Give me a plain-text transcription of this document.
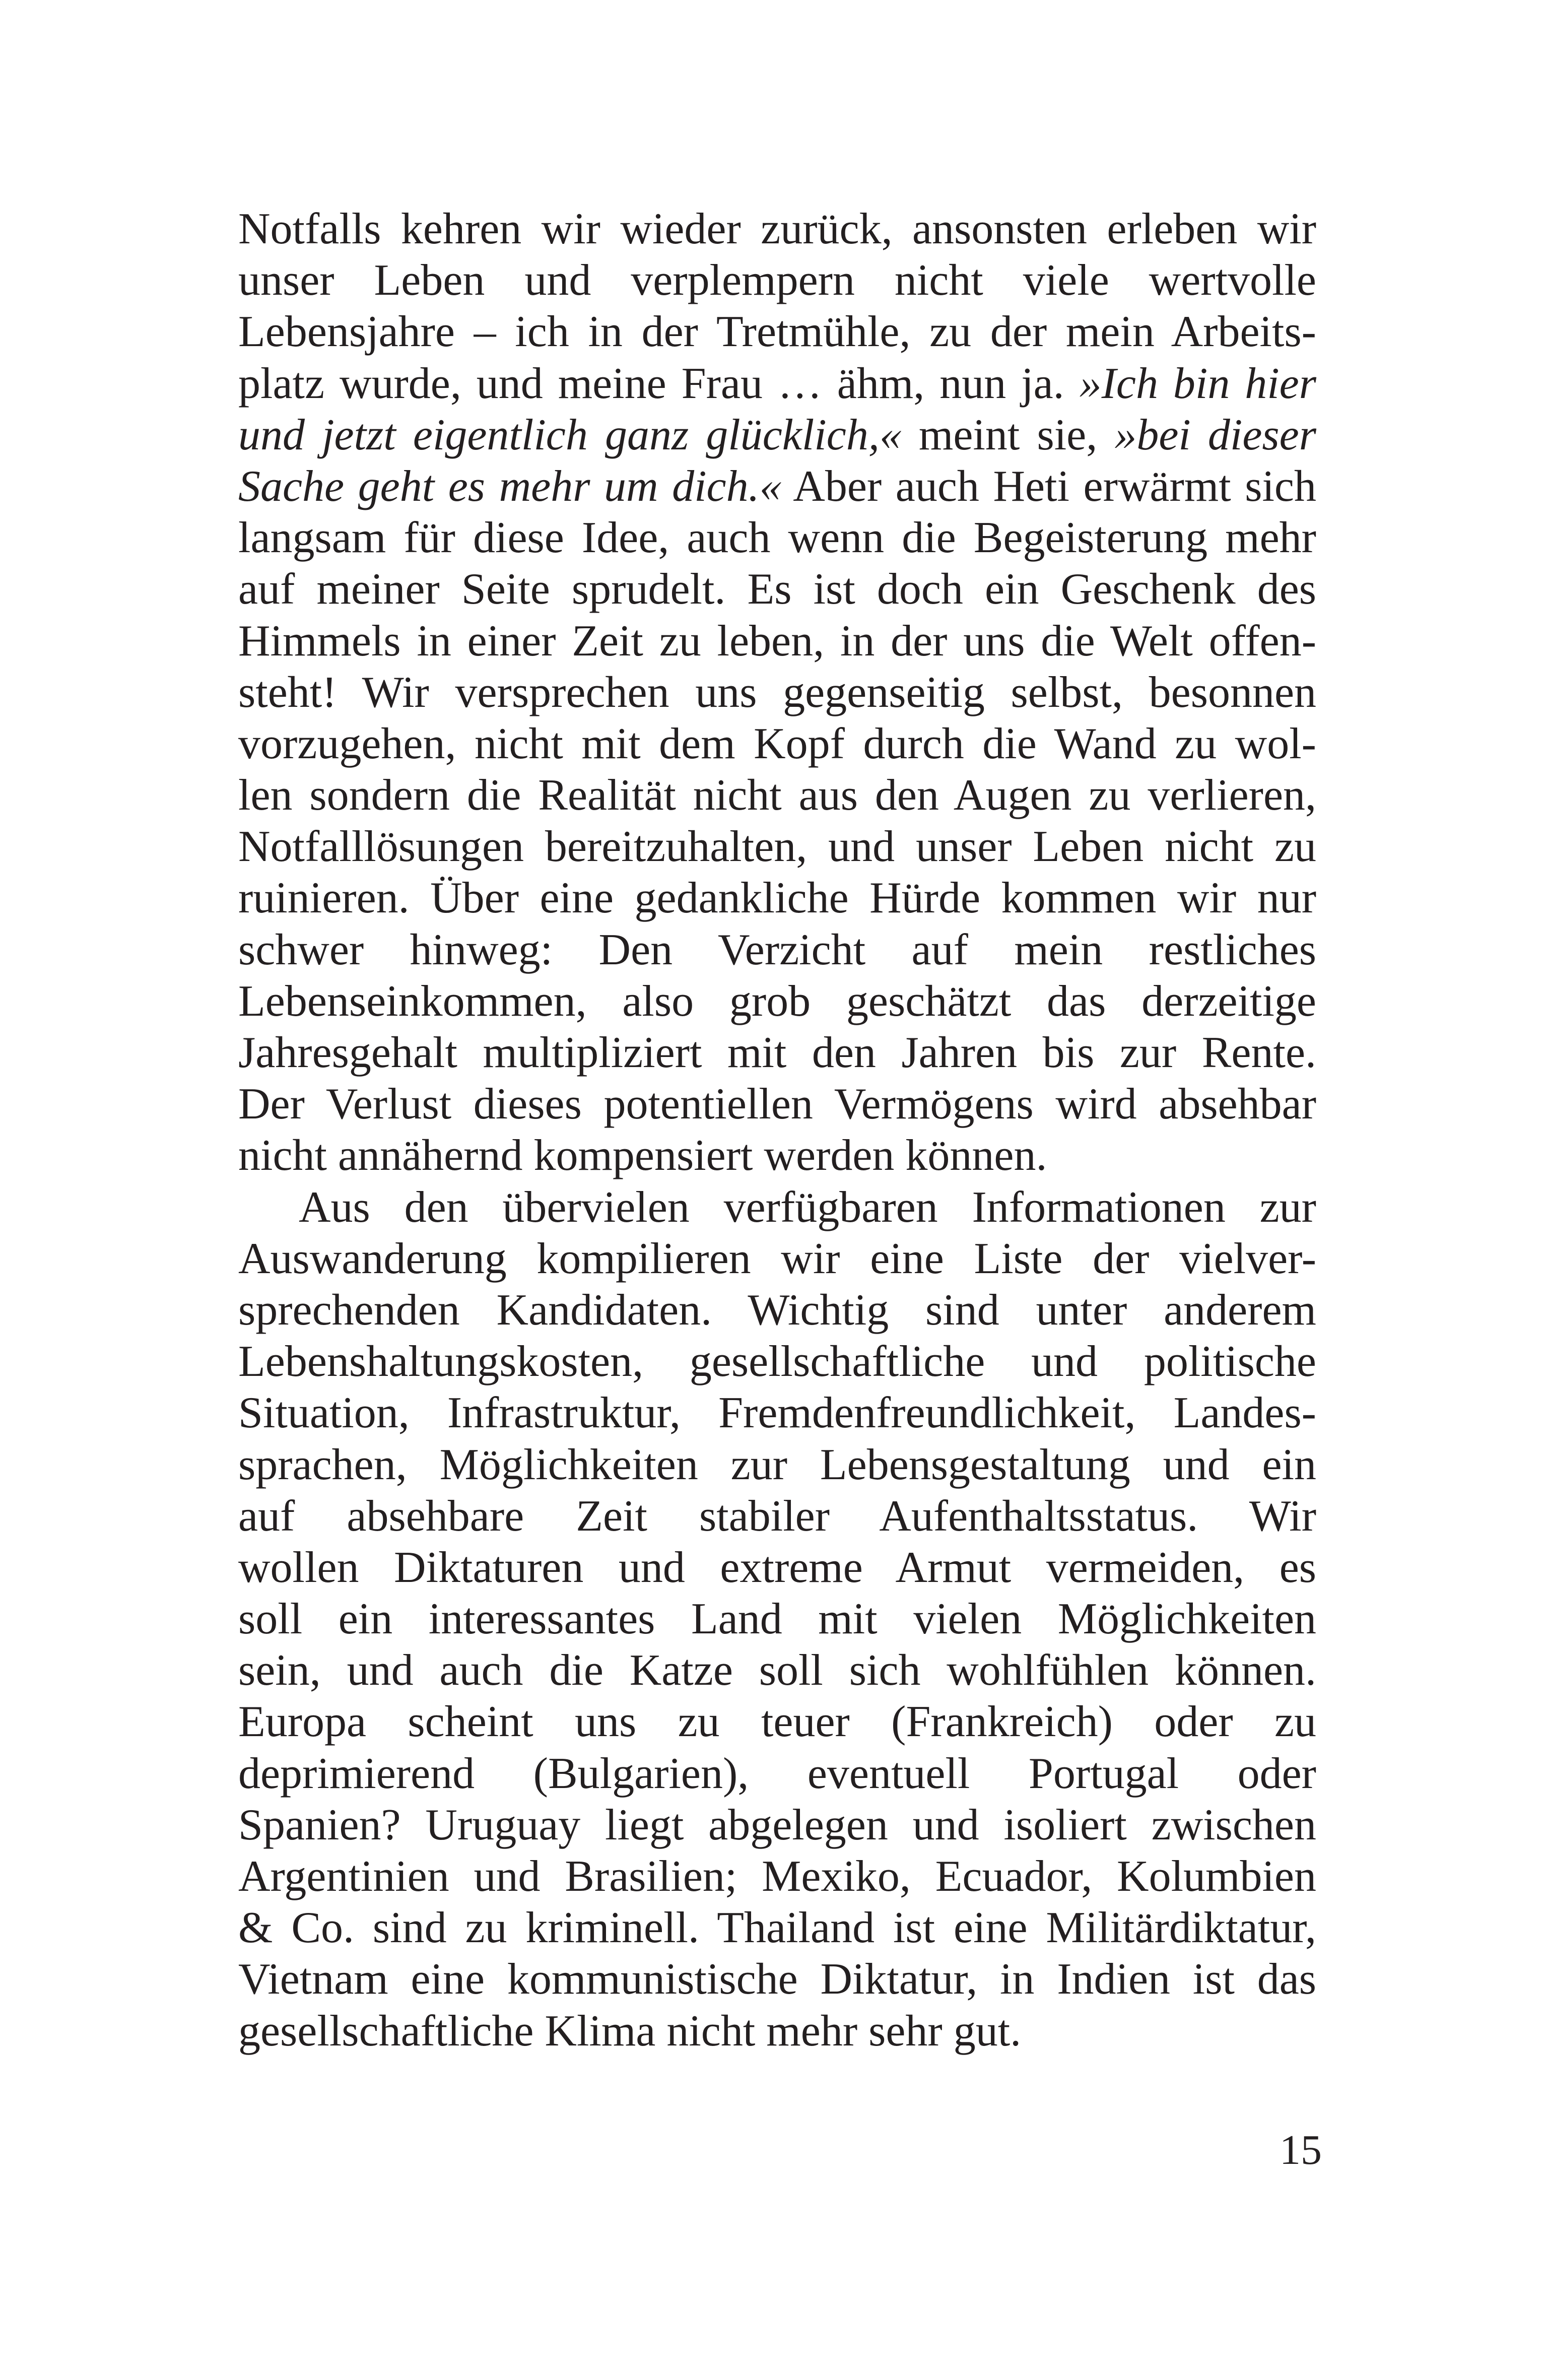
Notfalls kehren wir wieder zurück, ansonsten erleben wir
unser Leben und verplempern nicht viele wertvolle
Lebensjahre – ich in der Tretmühle, zu der mein Arbeits-
platz wurde, und meine Frau … ähm, nun ja. »Ich bin hier
und jetzt eigentlich ganz glücklich,« meint sie, »bei dieser
Sache geht es mehr um dich.« Aber auch Heti erwärmt sich
langsam für diese Idee, auch wenn die Begeisterung mehr
auf meiner Seite sprudelt. Es ist doch ein Geschenk des
Himmels in einer Zeit zu leben, in der uns die Welt offen-
steht! Wir versprechen uns gegenseitig selbst, besonnen
vorzugehen, nicht mit dem Kopf durch die Wand zu wol-
len sondern die Realität nicht aus den Augen zu verlieren,
Notfalllösungen bereitzuhalten, und unser Leben nicht zu
ruinieren. Über eine gedankliche Hürde kommen wir nur
schwer hinweg: Den Verzicht auf mein restliches
Lebenseinkommen, also grob geschätzt das derzeitige
Jahresgehalt multipliziert mit den Jahren bis zur Rente.
Der Verlust dieses potentiellen Vermögens wird absehbar
nicht annähernd kompensiert werden können.
Aus den übervielen verfügbaren Informationen zur
Auswanderung kompilieren wir eine Liste der vielver-
sprechenden Kandidaten. Wichtig sind unter anderem
Lebenshaltungskosten, gesellschaftliche und politische
Situation, Infrastruktur, Fremdenfreundlichkeit, Landes-
sprachen, Möglichkeiten zur Lebensgestaltung und ein
auf absehbare Zeit stabiler Aufenthaltsstatus. Wir
wollen Diktaturen und extreme Armut vermeiden, es
soll ein interessantes Land mit vielen Möglichkeiten
sein, und auch die Katze soll sich wohlfühlen können.
Europa scheint uns zu teuer (Frankreich) oder zu
deprimierend (Bulgarien), eventuell Portugal oder
Spanien? Uruguay liegt abgelegen und isoliert zwischen
Argentinien und Brasilien; Mexiko, Ecuador, Kolumbien
& Co. sind zu kriminell. Thailand ist eine Militärdiktatur,
Vietnam eine kommunistische Diktatur, in Indien ist das
gesellschaftliche Klima nicht mehr sehr gut.
15
